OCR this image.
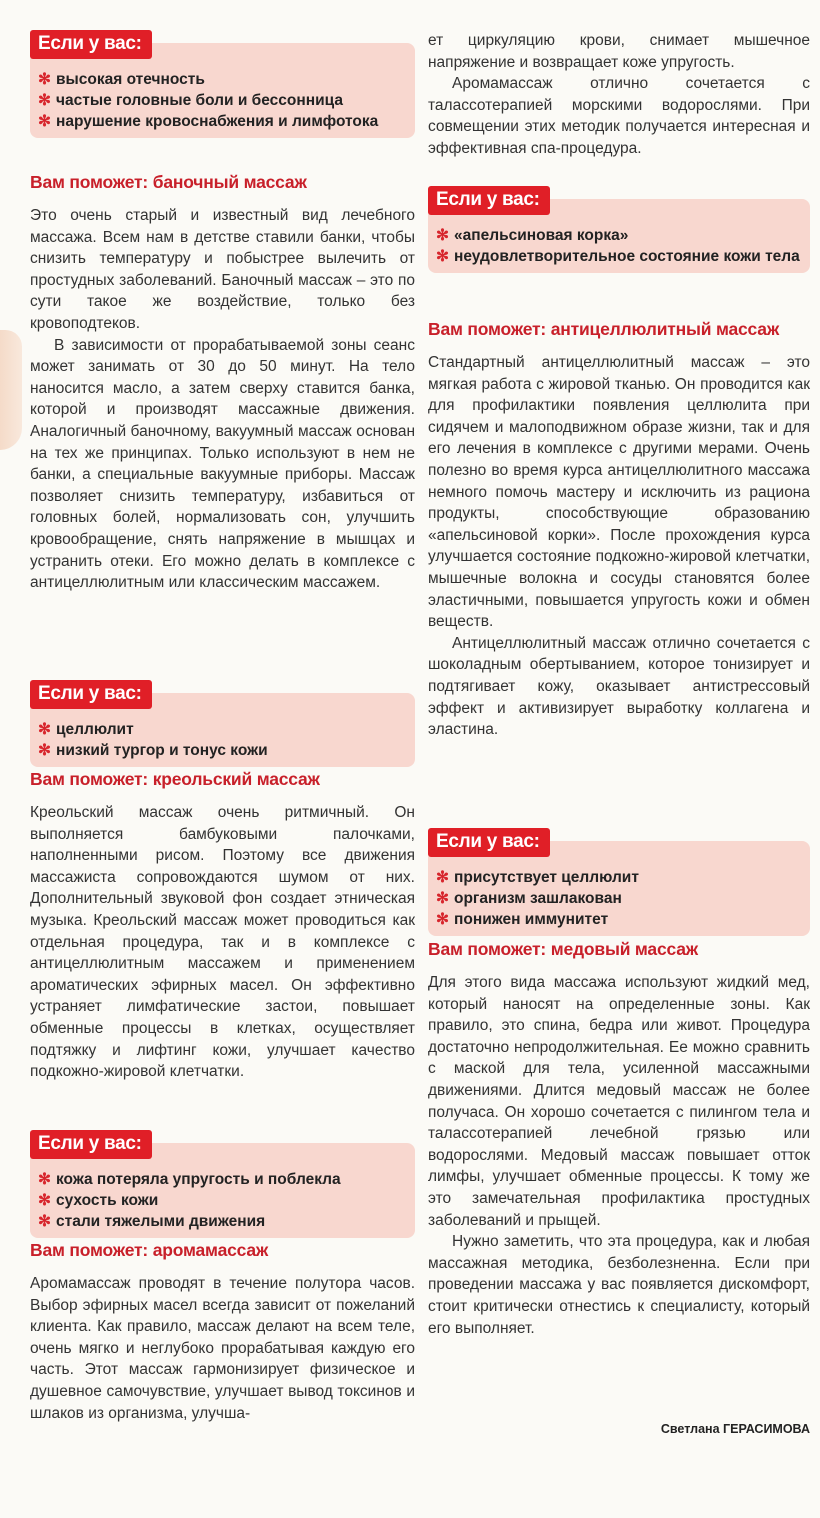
Если у вас:
✻ высокая отечность
✻ частые головные боли и бессонница
✻ нарушение кровоснабжения и лимфотока
Вам поможет: баночный массаж

Это очень старый и известный вид лечебного массажа. Всем нам в детстве ставили банки, чтобы снизить температуру и побыстрее вылечить от простудных заболеваний. Баночный массаж – это по сути такое же воздействие, только без кровоподтеков.

В зависимости от прорабатываемой зоны сеанс может занимать от 30 до 50 минут. На тело наносится масло, а затем сверху ставится банка, которой и производят массажные движения. Аналогичный баночному, вакуумный массаж основан на тех же принципах. Только используют в нем не банки, а специальные вакуумные приборы. Массаж позволяет снизить температуру, избавиться от головных болей, нормализовать сон, улучшить кровообращение, снять напряжение в мышцах и устранить отеки. Его можно делать в комплексе с антицеллюлитным или классическим массажем.

Если у вас:
✻ целлюлит
✻ низкий тургор и тонус кожи
Вам поможет: креольский массаж

Креольский массаж очень ритмичный. Он выполняется бамбуковыми палочками, наполненными рисом. Поэтому все движения массажиста сопровождаются шумом от них. Дополнительный звуковой фон создает этническая музыка. Креольский массаж может проводиться как отдельная процедура, так и в комплексе с антицеллюлитным массажем и применением ароматических эфирных масел. Он эффективно устраняет лимфатические застои, повышает обменные процессы в клетках, осуществляет подтяжку и лифтинг кожи, улучшает качество подкожно-жировой клетчатки.

Если у вас:
✻ кожа потеряла упругость и поблекла
✻ сухость кожи
✻ стали тяжелыми движения
Вам поможет: аромамассаж

Аромамассаж проводят в течение полутора часов. Выбор эфирных масел всегда зависит от пожеланий клиента. Как правило, массаж делают на всем теле, очень мягко и неглубоко прорабатывая каждую его часть. Этот массаж гармонизирует физическое и душевное самочувствие, улучшает вывод токсинов и шлаков из организма, улучша-

ет циркуляцию крови, снимает мышечное напряжение и возвращает коже упругость.

Аромамассаж отлично сочетается с талассотерапией морскими водорослями. При совмещении этих методик получается интересная и эффективная спа-процедура.

Если у вас:
✻ «апельсиновая корка»
✻ неудовлетворительное состояние кожи тела
Вам поможет: антицеллюлитный массаж

Стандартный антицеллюлитный массаж – это мягкая работа с жировой тканью. Он проводится как для профилактики появления целлюлита при сидячем и малоподвижном образе жизни, так и для его лечения в комплексе с другими мерами. Очень полезно во время курса антицеллюлитного массажа немного помочь мастеру и исключить из рациона продукты, способствующие образованию «апельсиновой корки». После прохождения курса улучшается состояние подкожно-жировой клетчатки, мышечные волокна и сосуды становятся более эластичными, повышается упругость кожи и обмен веществ.

Антицеллюлитный массаж отлично сочетается с шоколадным обертыванием, которое тонизирует и подтягивает кожу, оказывает антистрессовый эффект и активизирует выработку коллагена и эластина.

Если у вас:
✻ присутствует целлюлит
✻ организм зашлакован
✻ понижен иммунитет
Вам поможет: медовый массаж

Для этого вида массажа используют жидкий мед, который наносят на определенные зоны. Как правило, это спина, бедра или живот. Процедура достаточно непродолжительная. Ее можно сравнить с маской для тела, усиленной массажными движениями. Длится медовый массаж не более получаса. Он хорошо сочетается с пилингом тела и талассотерапией лечебной грязью или водорослями. Медовый массаж повышает отток лимфы, улучшает обменные процессы. К тому же это замечательная профилактика простудных заболеваний и прыщей.

Нужно заметить, что эта процедура, как и любая массажная методика, безболезненна. Если при проведении массажа у вас появляется дискомфорт, стоит критически отнестись к специалисту, который его выполняет.

Светлана ГЕРАСИМОВА
